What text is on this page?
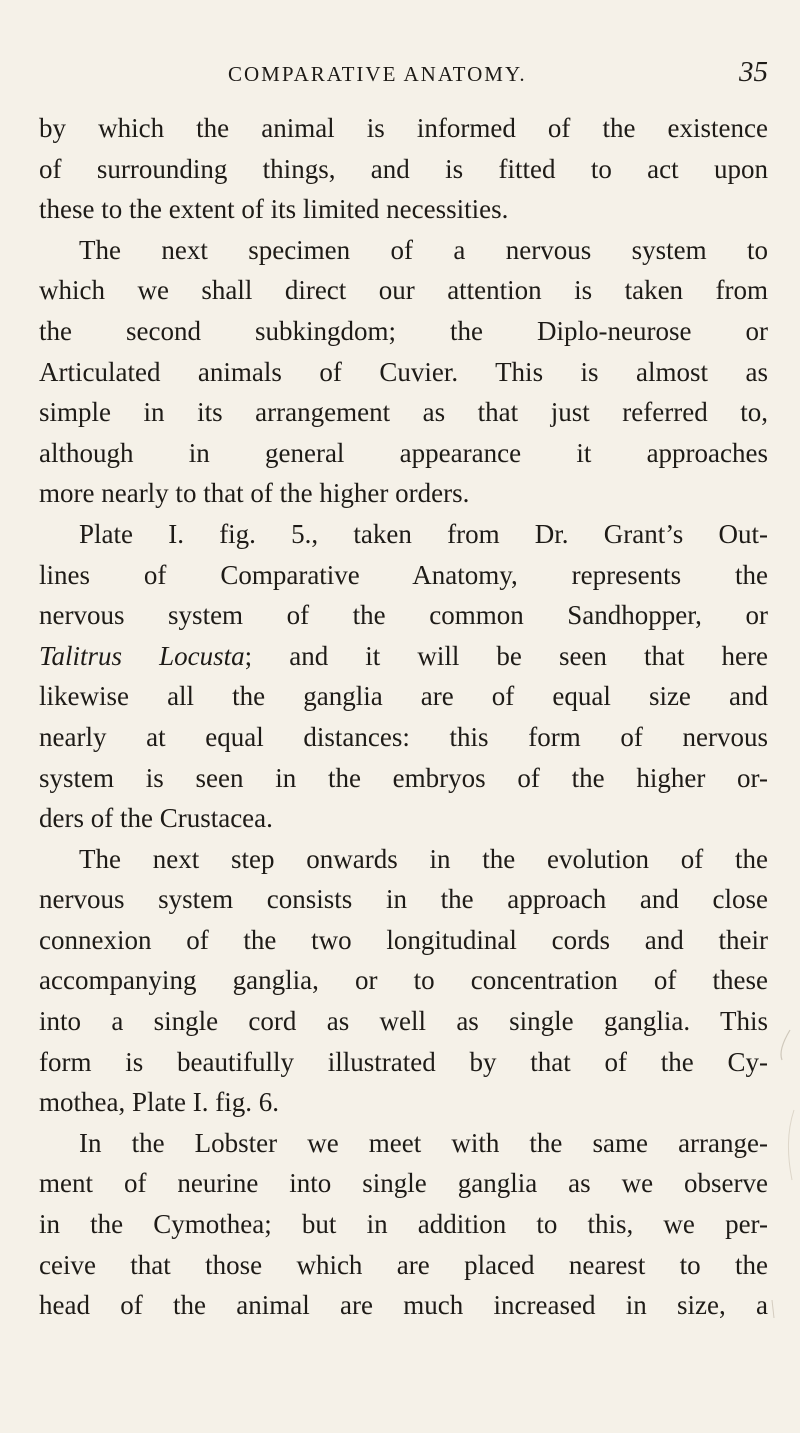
COMPARATIVE ANATOMY.	35
by which the animal is informed of the existence
of surrounding things, and is fitted to act upon
these to the extent of its limited necessities.
The next specimen of a nervous system to
which we shall direct our attention is taken from
the second subkingdom; the Diplo-neurose or
Articulated animals of Cuvier. This is almost as
simple in its arrangement as that just referred to,
although in general appearance it approaches
more nearly to that of the higher orders.
Plate I. fig. 5., taken from Dr. Grant’s Out-
lines of Comparative Anatomy, represents the
nervous system of the common Sandhopper, or
Talitrus Locusta; and it will be seen that here
likewise all the ganglia are of equal size and
nearly at equal distances: this form of nervous
system is seen in the embryos of the higher or-
ders of the Crustacea.
The next step onwards in the evolution of the
nervous system consists in the approach and close
connexion of the two longitudinal cords and their
accompanying ganglia, or to concentration of these
into a single cord as well as single ganglia. This
form is beautifully illustrated by that of the Cy-
mothea, Plate I. fig. 6.
In the Lobster we meet with the same arrange-
ment of neurine into single ganglia as we observe
in the Cymothea; but in addition to this, we per-
ceive that those which are placed nearest to the
head of the animal are much increased in size, a
